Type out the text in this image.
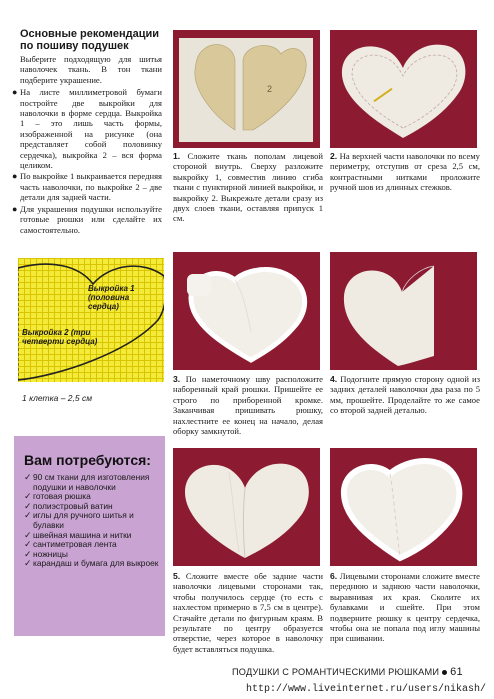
Основные рекомендации по пошиву подушек
Выберите подходящую для шитья наволочек ткань. В тон ткани подберите украшение.
● На листе миллиметровой бумаги постройте две выкройки для наволочки в форме сердца. Выкройка 1 – это лишь часть формы, изображенной на рисунке (она представляет собой половинку сердечка), выкройка 2 – вся форма целиком.
● По выкройке 1 выкраивается передняя часть наволочки, по выкройке 2 – две детали для задней части.
● Для украшения подушки используйте готовые рюшки или сделайте их самостоятельно.
Выкройка 1 (половина сердца)
Выкройка 2 (три четверти сердца)
1 клетка – 2,5 см
Вам потребуются:
✓ 90 см ткани для изготовления подушки и наволочки
✓ готовая рюшка
✓ полиэстровый ватин
✓ иглы для ручного шитья и булавки
✓ швейная машина и нитки
✓ сантиметровая лента
✓ ножницы
✓ карандаш и бумага для выкроек
2
1. Сложите ткань пополам лицевой стороной внутрь. Сверху разложите выкройку 1, совместив линию сгиба ткани с пунктирной линией выкройки, и выкройку 2. Выкрежьте детали сразу из двух слоев ткани, оставляя припуск 1 см.
2. На верхней части наволочки по всему периметру, отступив от среза 2,5 см, контрастными нитками проложите ручной шов из длинных стежков.
3. По наметочному шву расположите наборенный край рюшки. Пришейте ее строго по прибоpенной кромке. Заканчивая пришивать рюшку, нахлестните ее конец на начало, делая оборку замкнутой.
4. Подогните прямую сторону одной из задних деталей наволочки два раза по 5 мм, прошейте. Проделайте то же самое со второй задней деталью.
5. Сложите вместе обе задние части наволочки лицевыми сторонами так, чтобы получилось сердце (то есть с нахлестом примерно в 7,5 см в центре). Стачайте детали по фигурным краям. В результате по центру образуется отверстие, через которое в наволочку будет вставляться подушка.
6. Лицевыми сторонами сложите вместе переднюю и заднюю части наволочки, выравнивая их края. Сколите их булавками и сшейте. При этом подверните рюшку к центру сердечка, чтобы она не попала под иглу машины при сшивании.
ПОДУШКИ С РОМАНТИЧЕСКИМИ РЮШКАМИ 61
http://www.liveinternet.ru/users/nikash/
